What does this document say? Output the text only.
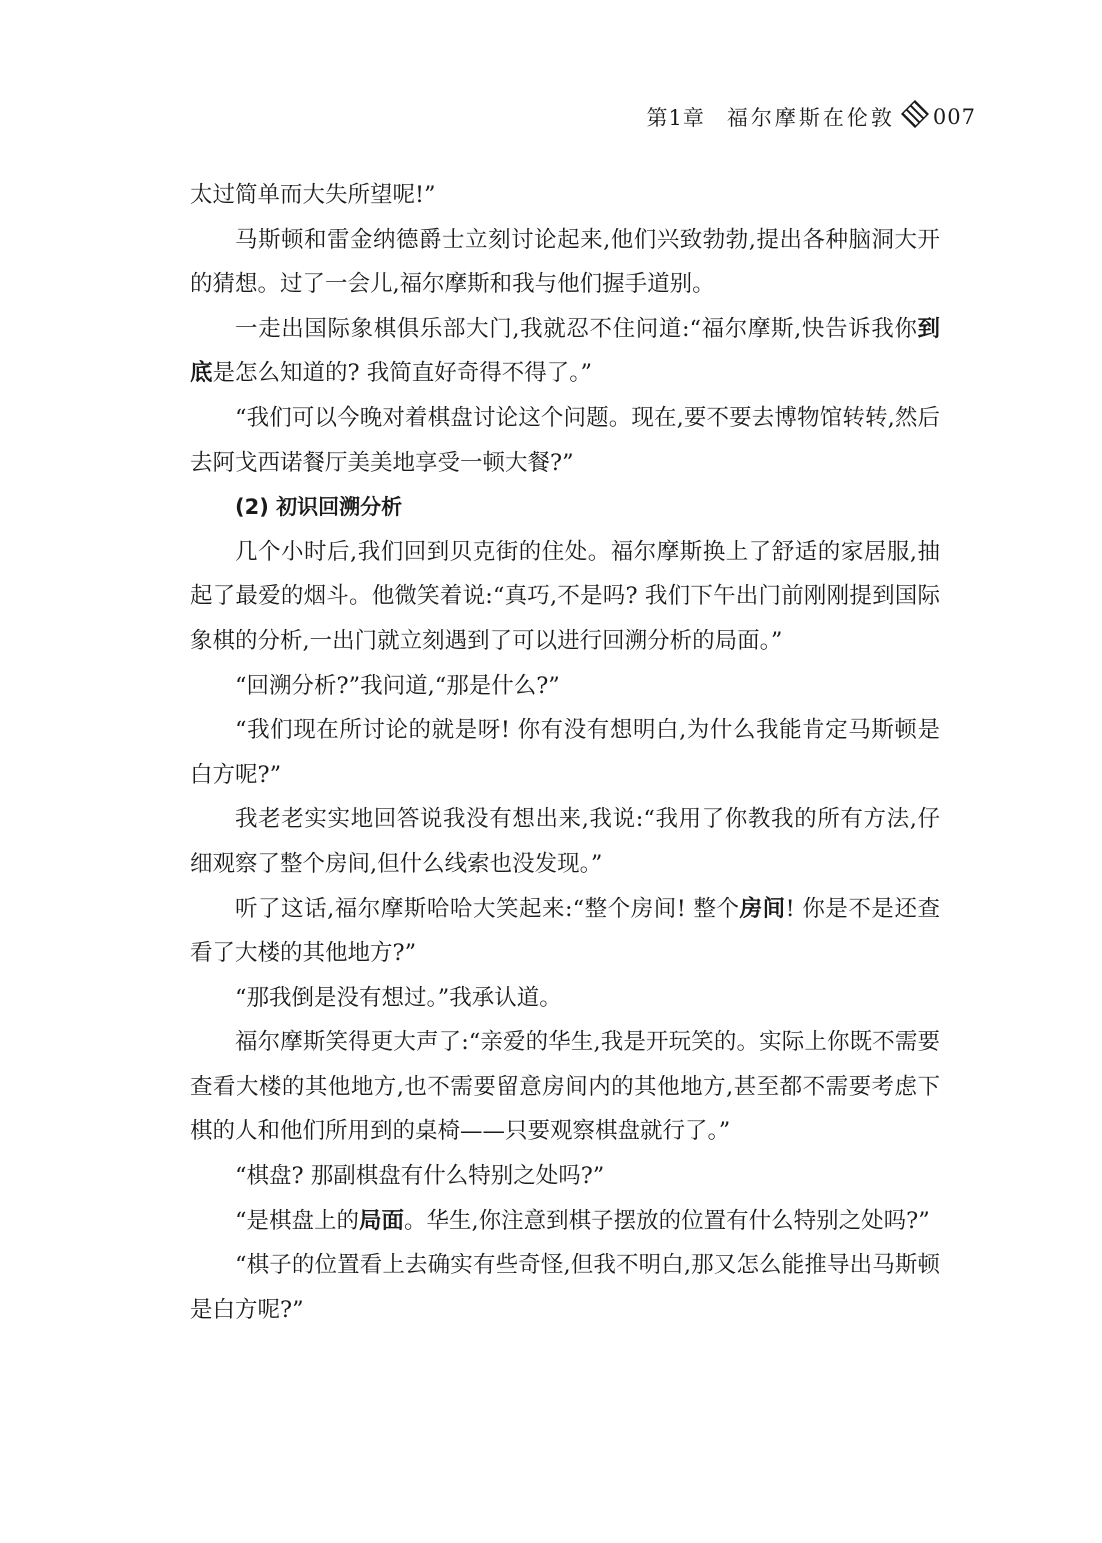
第1章 福尔摩斯在伦敦 007

太过简单而大失所望呢!”

马斯顿和雷金纳德爵士立刻讨论起来,他们兴致勃勃,提出各种脑洞大开的猜想。过了一会儿,福尔摩斯和我与他们握手道别。

一走出国际象棋俱乐部大门,我就忍不住问道:“福尔摩斯,快告诉我你到底是怎么知道的? 我简直好奇得不得了。”

“我们可以今晚对着棋盘讨论这个问题。现在,要不要去博物馆转转,然后去阿戈西诺餐厅美美地享受一顿大餐?”

(2) 初识回溯分析

几个小时后,我们回到贝克街的住处。福尔摩斯换上了舒适的家居服,抽起了最爱的烟斗。他微笑着说:“真巧,不是吗? 我们下午出门前刚刚提到国际象棋的分析,一出门就立刻遇到了可以进行回溯分析的局面。”

“回溯分析?”我问道,“那是什么?”

“我们现在所讨论的就是呀! 你有没有想明白,为什么我能肯定马斯顿是白方呢?”

我老老实实地回答说我没有想出来,我说:“我用了你教我的所有方法,仔细观察了整个房间,但什么线索也没发现。”

听了这话,福尔摩斯哈哈大笑起来:“整个房间! 整个房间! 你是不是还查看了大楼的其他地方?”

“那我倒是没有想过。”我承认道。

福尔摩斯笑得更大声了:“亲爱的华生,我是开玩笑的。实际上你既不需要查看大楼的其他地方,也不需要留意房间内的其他地方,甚至都不需要考虑下棋的人和他们所用到的桌椅——只要观察棋盘就行了。”

“棋盘? 那副棋盘有什么特别之处吗?”

“是棋盘上的局面。华生,你注意到棋子摆放的位置有什么特别之处吗?”

“棋子的位置看上去确实有些奇怪,但我不明白,那又怎么能推导出马斯顿是白方呢?”
